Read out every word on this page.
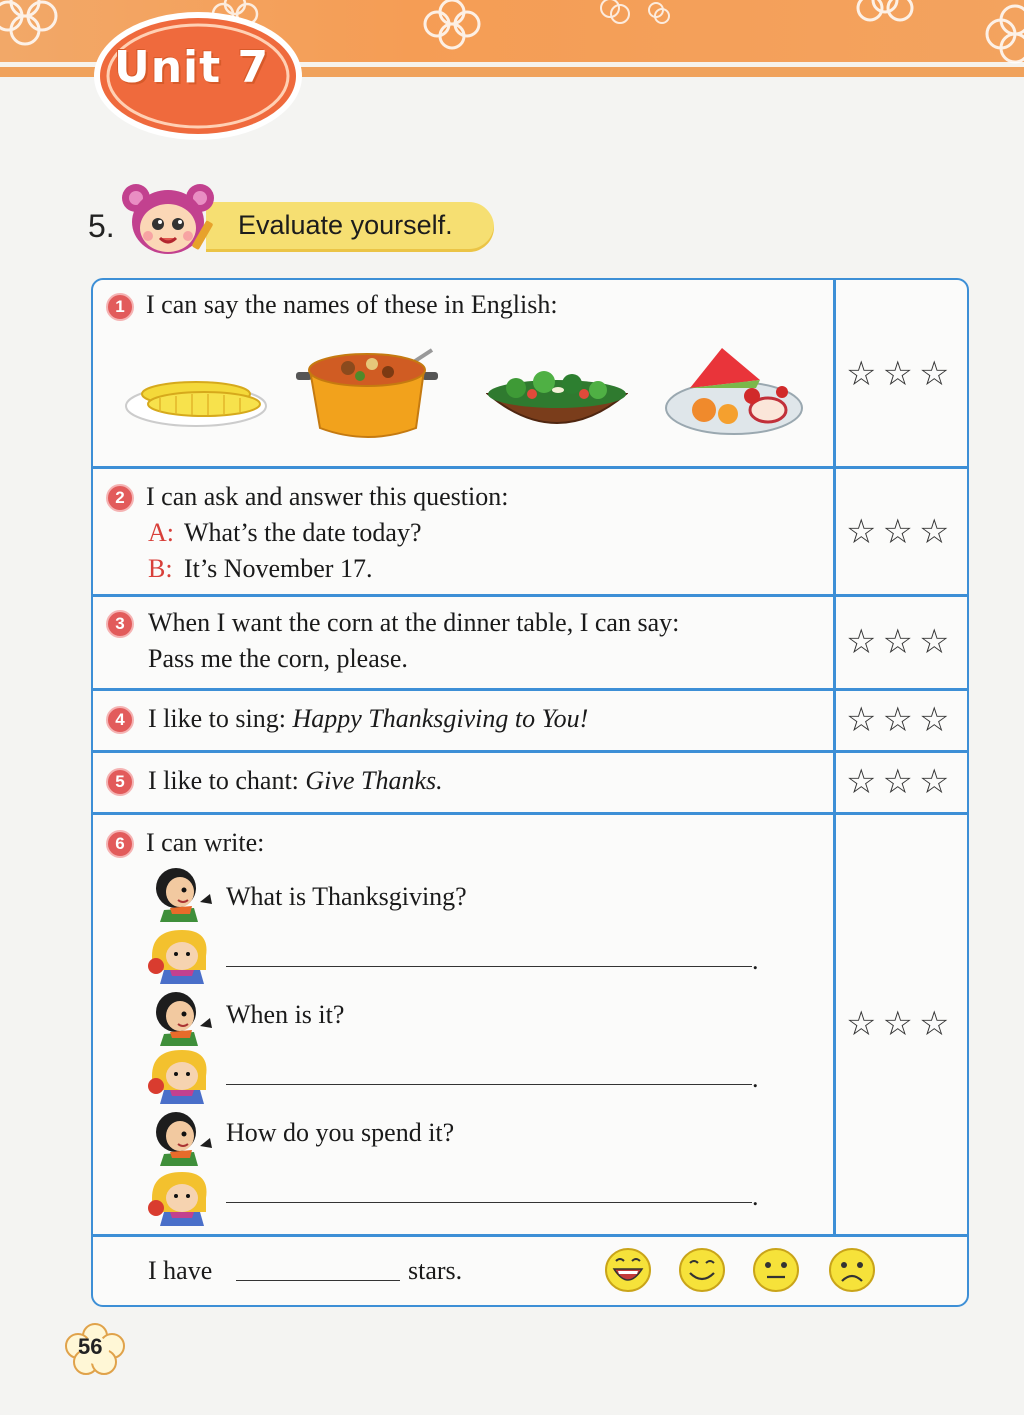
Unit 7
5.	Evaluate yourself.
1 I can say the names of these in English:
☆☆☆
2 I can ask and answer this question:
A: What’s the date today?
B: It’s November 17.
☆☆☆
3 When I want the corn at the dinner table, I can say:
Pass me the corn, please.	☆☆☆
4 I like to sing: Happy Thanksgiving to You!	☆☆☆
5 I like to chant: Give Thanks.	☆☆☆
6 I can write:
What is Thanksgiving?
.
When is it?
.
How do you spend it?
.
☆☆☆
I have	stars.
56
